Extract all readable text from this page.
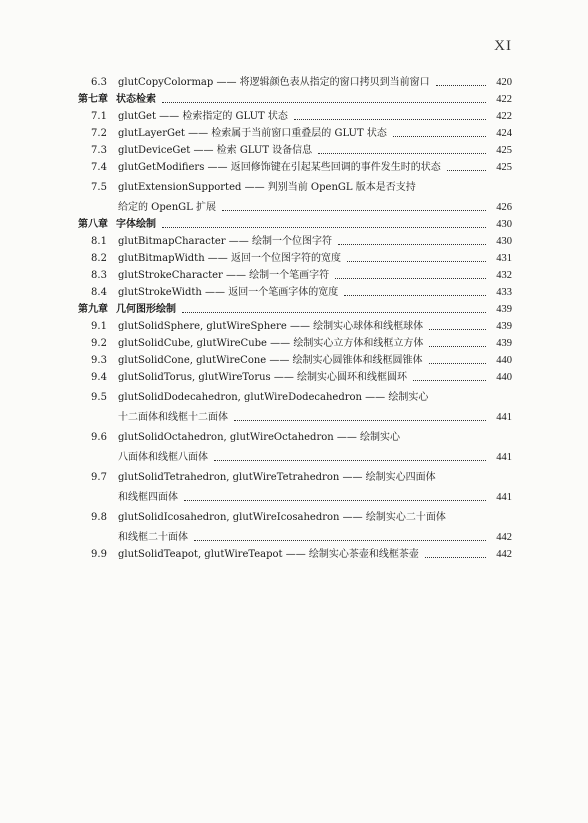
XI
6.3	glutCopyColormap —— 将逻辑颜色表从指定的窗口拷贝到当前窗口	420
第七章 状态检索	422
7.1	glutGet —— 检索指定的 GLUT 状态	422
7.2	glutLayerGet —— 检索属于当前窗口重叠层的 GLUT 状态	424
7.3	glutDeviceGet —— 检索 GLUT 设备信息	425
7.4	glutGetModifiers —— 返回修饰键在引起某些回调的事件发生时的状态	425
7.5	glutExtensionSupported —— 判别当前 OpenGL 版本是否支持
给定的 OpenGL 扩展	426
第八章 字体绘制	430
8.1	glutBitmapCharacter —— 绘制一个位图字符	430
8.2	glutBitmapWidth —— 返回一个位图字符的宽度	431
8.3	glutStrokeCharacter —— 绘制一个笔画字符	432
8.4	glutStrokeWidth —— 返回一个笔画字体的宽度	433
第九章 几何图形绘制	439
9.1	glutSolidSphere, glutWireSphere —— 绘制实心球体和线框球体	439
9.2	glutSolidCube, glutWireCube —— 绘制实心立方体和线框立方体	439
9.3	glutSolidCone, glutWireCone —— 绘制实心圆锥体和线框圆锥体	440
9.4	glutSolidTorus, glutWireTorus —— 绘制实心圆环和线框圆环	440
9.5	glutSolidDodecahedron, glutWireDodecahedron —— 绘制实心
十二面体和线框十二面体	441
9.6	glutSolidOctahedron, glutWireOctahedron —— 绘制实心
八面体和线框八面体	441
9.7	glutSolidTetrahedron, glutWireTetrahedron —— 绘制实心四面体
和线框四面体	441
9.8	glutSolidIcosahedron, glutWireIcosahedron —— 绘制实心二十面体
和线框二十面体	442
9.9	glutSolidTeapot, glutWireTeapot —— 绘制实心茶壶和线框茶壶	442
